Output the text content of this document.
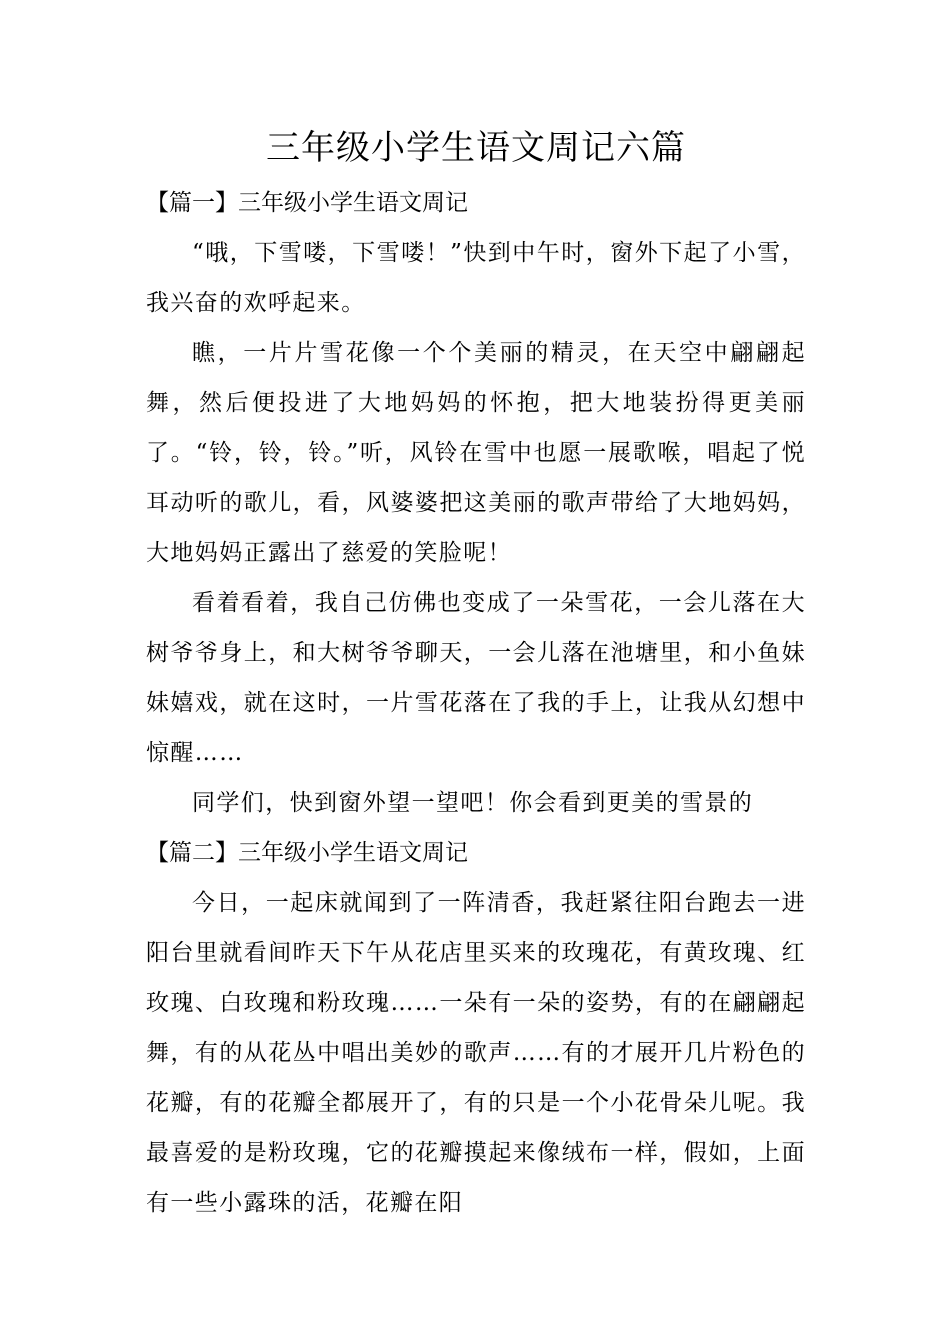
三年级小学生语文周记六篇
【篇一】三年级小学生语文周记

“哦，下雪喽，下雪喽！”快到中午时，窗外下起了小雪，我兴奋的欢呼起来。

瞧，一片片雪花像一个个美丽的精灵，在天空中翩翩起舞，然后便投进了大地妈妈的怀抱，把大地装扮得更美丽了。“铃，铃，铃。”听，风铃在雪中也愿一展歌喉，唱起了悦耳动听的歌儿，看，风婆婆把这美丽的歌声带给了大地妈妈，大地妈妈正露出了慈爱的笑脸呢！

看着看着，我自己仿佛也变成了一朵雪花，一会儿落在大树爷爷身上，和大树爷爷聊天，一会儿落在池塘里，和小鱼妹妹嬉戏，就在这时，一片雪花落在了我的手上，让我从幻想中惊醒……

同学们，快到窗外望一望吧！你会看到更美的雪景的

【篇二】三年级小学生语文周记

今日，一起床就闻到了一阵清香，我赶紧往阳台跑去一进阳台里就看间昨天下午从花店里买来的玫瑰花，有黄玫瑰、红玫瑰、白玫瑰和粉玫瑰……一朵有一朵的姿势，有的在翩翩起舞，有的从花丛中唱出美妙的歌声……有的才展开几片粉色的花瓣，有的花瓣全都展开了，有的只是一个小花骨朵儿呢。我最喜爱的是粉玫瑰，它的花瓣摸起来像绒布一样，假如，上面有一些小露珠的活，花瓣在阳
